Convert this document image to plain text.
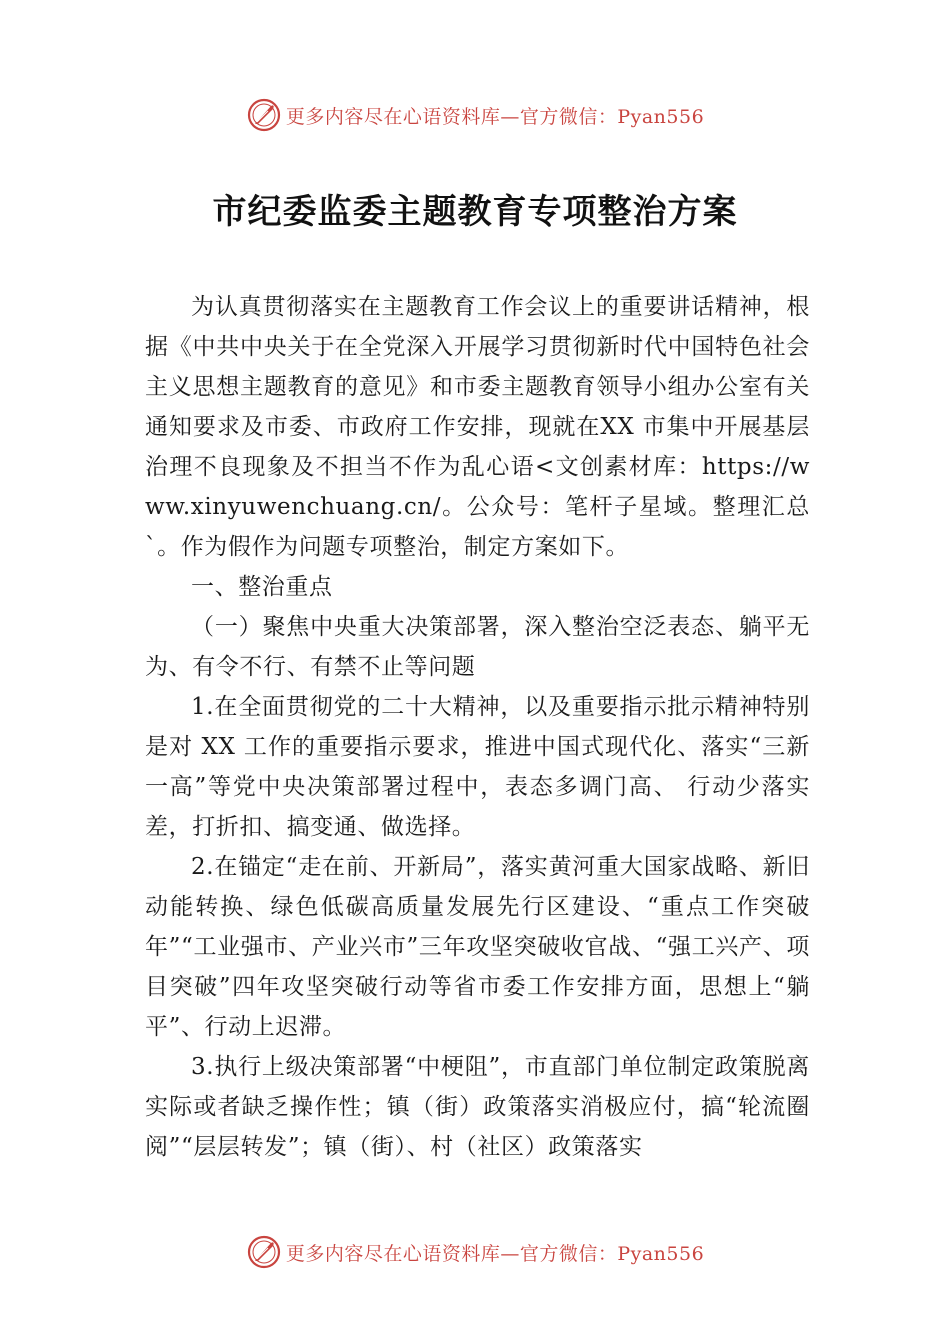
更多内容尽在心语资料库—官方微信：Pyan556
市纪委监委主题教育专项整治方案

为认真贯彻落实在主题教育工作会议上的重要讲话精神，根据《中共中央关于在全党深入开展学习贯彻新时代中国特色社会主义思想主题教育的意见》和市委主题教育领导小组办公室有关通知要求及市委、市政府工作安排，现就在XX 市集中开展基层治理不良现象及不担当不作为乱心语<文创素材库：https://www.xinyuwenchuang.cn/。公众号：笔杆子星域。整理汇总`。作为假作为问题专项整治，制定方案如下。

一、整治重点

（一）聚焦中央重大决策部署，深入整治空泛表态、躺平无为、有令不行、有禁不止等问题

1.在全面贯彻党的二十大精神，以及重要指示批示精神特别是对 XX 工作的重要指示要求，推进中国式现代化、落实“三新一高”等党中央决策部署过程中，表态多调门高、 行动少落实差，打折扣、搞变通、做选择。

2.在锚定“走在前、开新局”，落实黄河重大国家战略、新旧动能转换、绿色低碳高质量发展先行区建设、“重点工作突破年”“工业强市、产业兴市”三年攻坚突破收官战、“强工兴产、项目突破”四年攻坚突破行动等省市委工作安排方面，思想上“躺平”、行动上迟滞。

3.执行上级决策部署“中梗阻”，市直部门单位制定政策脱离实际或者缺乏操作性；镇（街）政策落实消极应付，搞“轮流圈阅”“层层转发”；镇（街）、村（社区）政策落实

更多内容尽在心语资料库—官方微信：Pyan556
